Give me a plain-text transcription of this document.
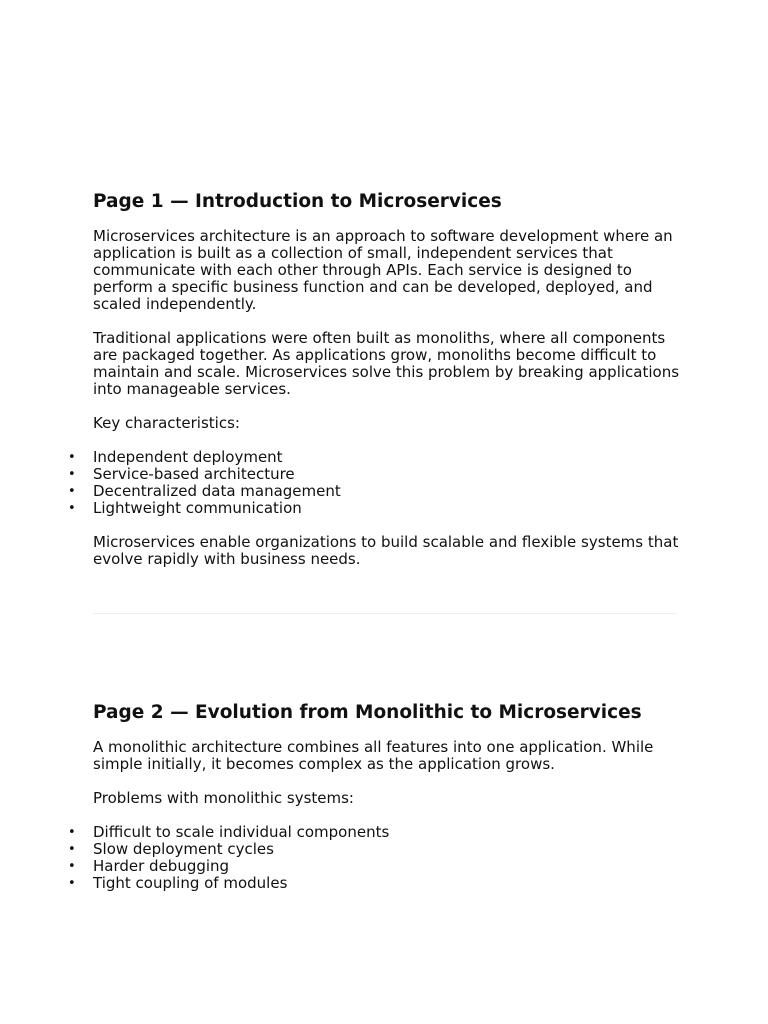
Page 1 — Introduction to Microservices

Microservices architecture is an approach to software development where an application is built as a collection of small, independent services that communicate with each other through APIs. Each service is designed to perform a specific business function and can be developed, deployed, and scaled independently.

Traditional applications were often built as monoliths, where all components are packaged together. As applications grow, monoliths become difficult to maintain and scale. Microservices solve this problem by breaking applications into manageable services.

Key characteristics:

• Independent deployment
• Service-based architecture
• Decentralized data management
• Lightweight communication

Microservices enable organizations to build scalable and flexible systems that evolve rapidly with business needs.

Page 2 — Evolution from Monolithic to Microservices

A monolithic architecture combines all features into one application. While simple initially, it becomes complex as the application grows.

Problems with monolithic systems:

• Difficult to scale individual components
• Slow deployment cycles
• Harder debugging
• Tight coupling of modules
